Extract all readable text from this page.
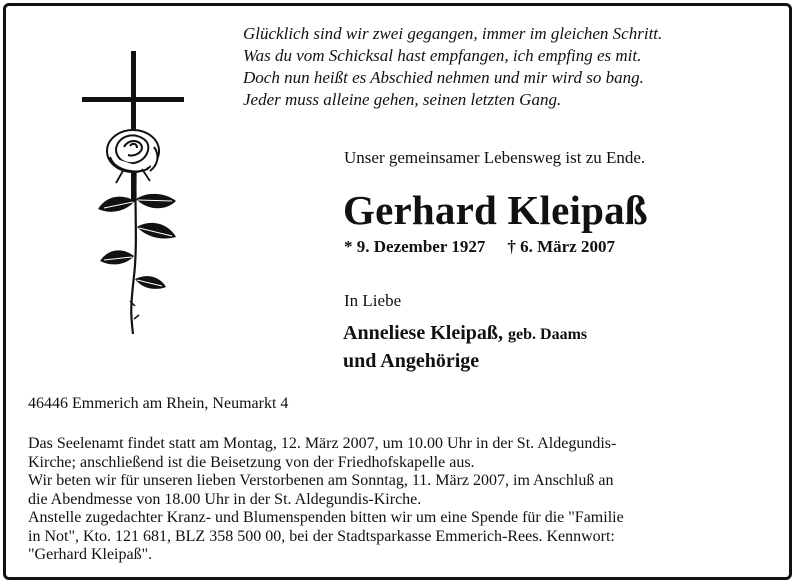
Glücklich sind wir zwei gegangen, immer im gleichen Schritt.
Was du vom Schicksal hast empfangen, ich empfing es mit.
Doch nun heißt es Abschied nehmen und mir wird so bang.
Jeder muss alleine gehen, seinen letzten Gang.
Unser gemeinsamer Lebensweg ist zu Ende.
Gerhard Kleipaß
* 9. Dezember 1927 † 6. März 2007
In Liebe
Anneliese Kleipaß, geb. Daams
und Angehörige
46446 Emmerich am Rhein, Neumarkt 4
Das Seelenamt findet statt am Montag, 12. März 2007, um 10.00 Uhr in der St. Aldegundis-
Kirche; anschließend ist die Beisetzung von der Friedhofskapelle aus.
Wir beten wir für unseren lieben Verstorbenen am Sonntag, 11. März 2007, im Anschluß an
die Abendmesse von 18.00 Uhr in der St. Aldegundis-Kirche.
Anstelle zugedachter Kranz- und Blumenspenden bitten wir um eine Spende für die "Familie
in Not", Kto. 121 681, BLZ 358 500 00, bei der Stadtsparkasse Emmerich-Rees. Kennwort:
"Gerhard Kleipaß".
